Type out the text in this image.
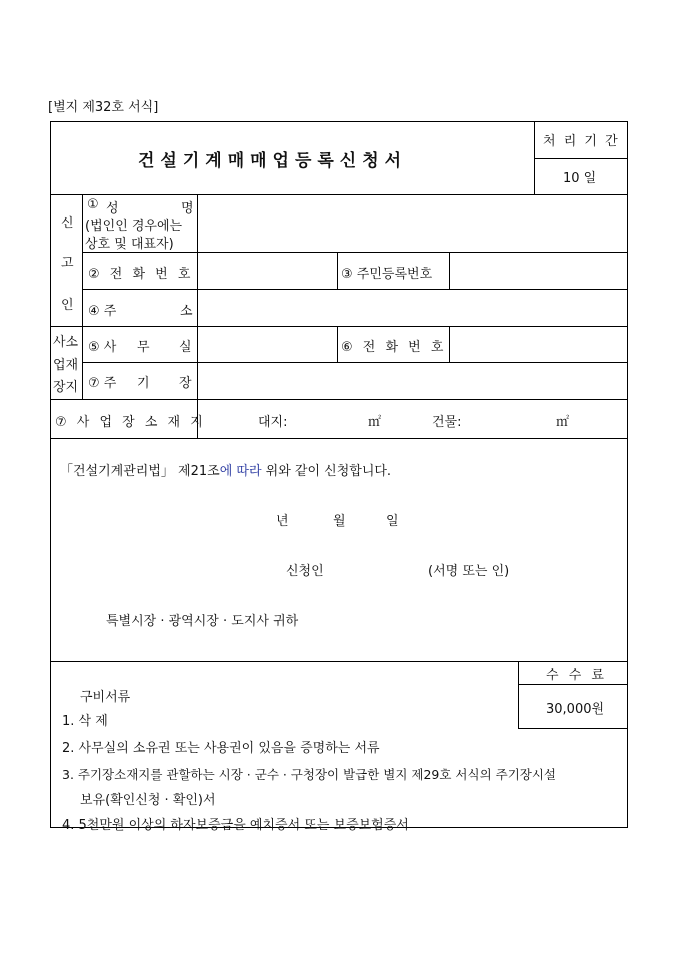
[별지 제32호 서식]
건설기계매매업등록신청서
처 리 기 간
10 일
신
고
인
① 성	명
(법인인 경우에는
상호 및 대표자)
② 전 화 번 호	③ 주민등록번호
④ 주	소
사소
업재
장지
⑤ 사 무 실	⑥ 전 화 번 호
⑦ 주 기 장
⑦ 사 업 장 소 재 지	대지:	㎡	건물:	㎡
「건설기계관리법」 제21조에 따라 위와 같이 신청합니다.
년	월	일
신청인	(서명 또는 인)
특별시장 · 광역시장 · 도지사 귀하
수 수 료
30,000원
구비서류
1. 삭 제
2. 사무실의 소유권 또는 사용권이 있음을 증명하는 서류
3. 주기장소재지를 관할하는 시장 · 군수 · 구청장이 발급한 별지 제29호 서식의 주기장시설
보유(확인신청 · 확인)서
4. 5천만원 이상의 하자보증금을 예치증서 또는 보증보험증서
